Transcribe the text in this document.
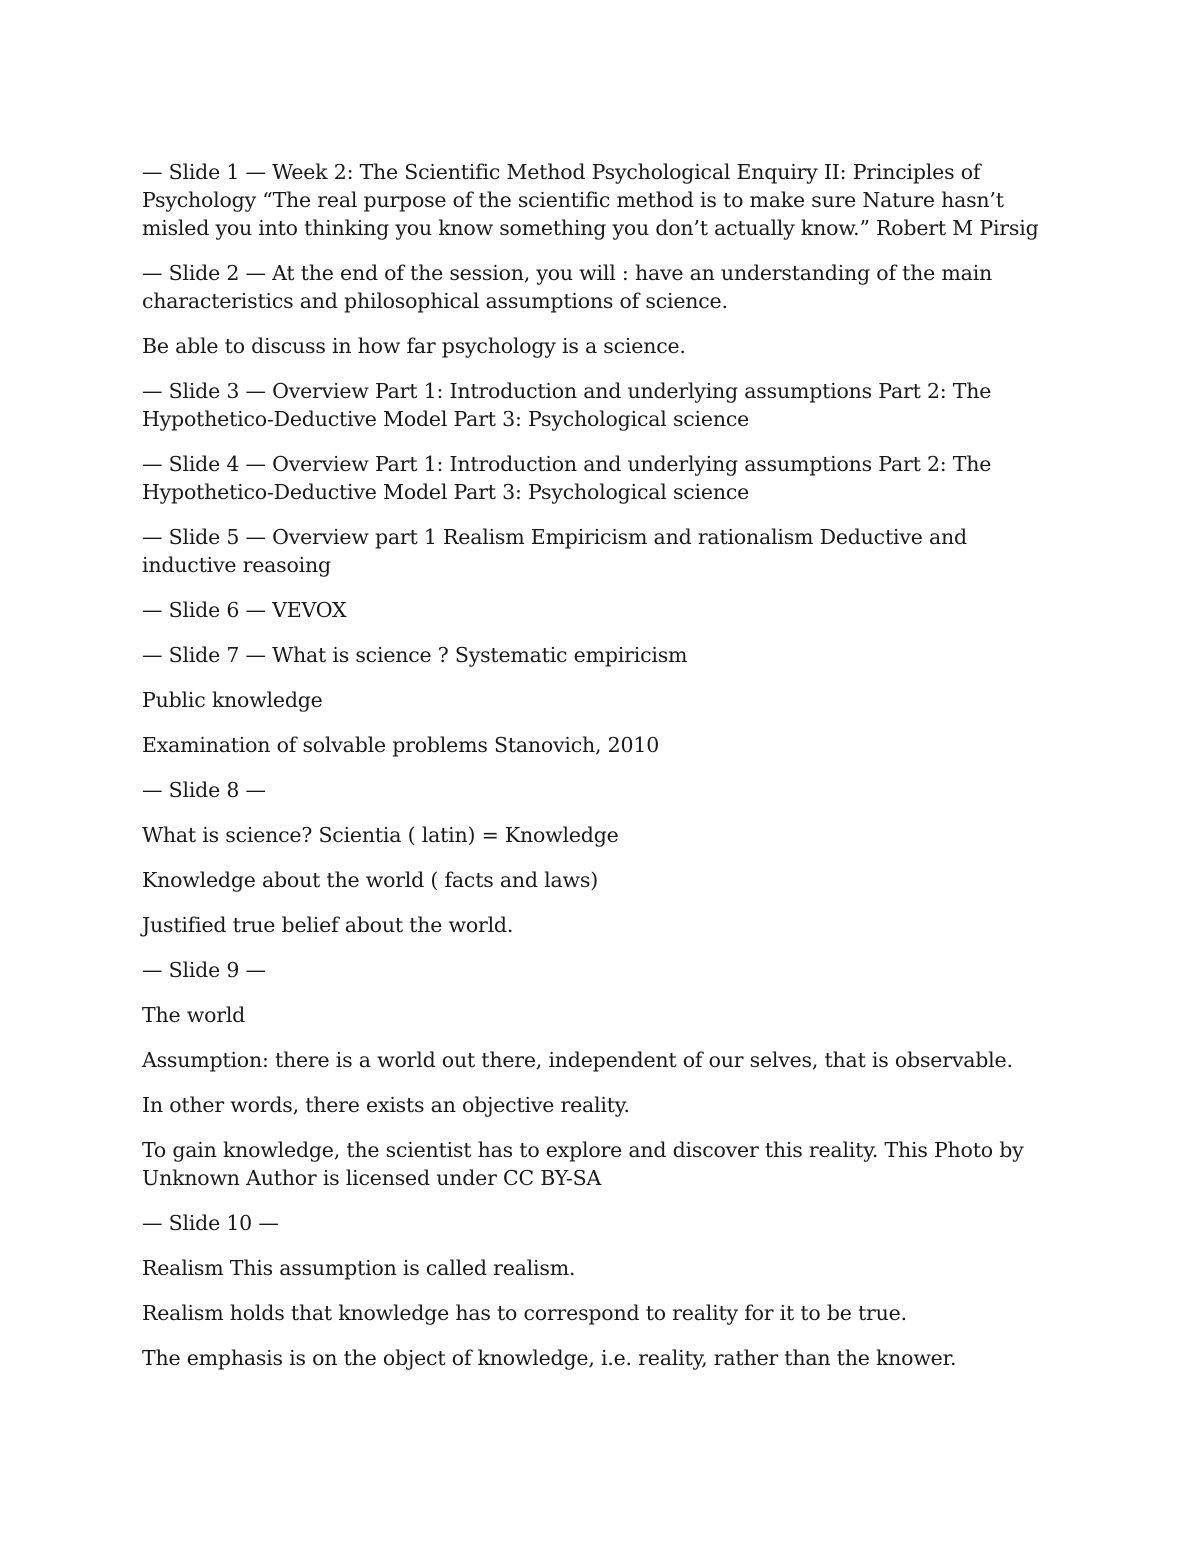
— Slide 1 — Week 2: The Scientific Method Psychological Enquiry II: Principles of Psychology “The real purpose of the scientific method is to make sure Nature hasn’t misled you into thinking you know something you don’t actually know.” Robert M Pirsig

— Slide 2 — At the end of the session, you will : have an understanding of the main characteristics and philosophical assumptions of science.

Be able to discuss in how far psychology is a science.

— Slide 3 — Overview Part 1: Introduction and underlying assumptions Part 2: The Hypothetico-Deductive Model Part 3: Psychological science

— Slide 4 — Overview Part 1: Introduction and underlying assumptions Part 2: The Hypothetico-Deductive Model Part 3: Psychological science

— Slide 5 — Overview part 1 Realism Empiricism and rationalism Deductive and inductive reasoing

— Slide 6 — VEVOX

— Slide 7 — What is science ? Systematic empiricism

Public knowledge

Examination of solvable problems Stanovich, 2010

— Slide 8 —

What is science? Scientia ( latin) = Knowledge

Knowledge about the world ( facts and laws)

Justified true belief about the world.

— Slide 9 —

The world

Assumption: there is a world out there, independent of our selves, that is observable.

In other words, there exists an objective reality.

To gain knowledge, the scientist has to explore and discover this reality. This Photo by Unknown Author is licensed under CC BY-SA

— Slide 10 —

Realism This assumption is called realism.

Realism holds that knowledge has to correspond to reality for it to be true.

The emphasis is on the object of knowledge, i.e. reality, rather than the knower.
